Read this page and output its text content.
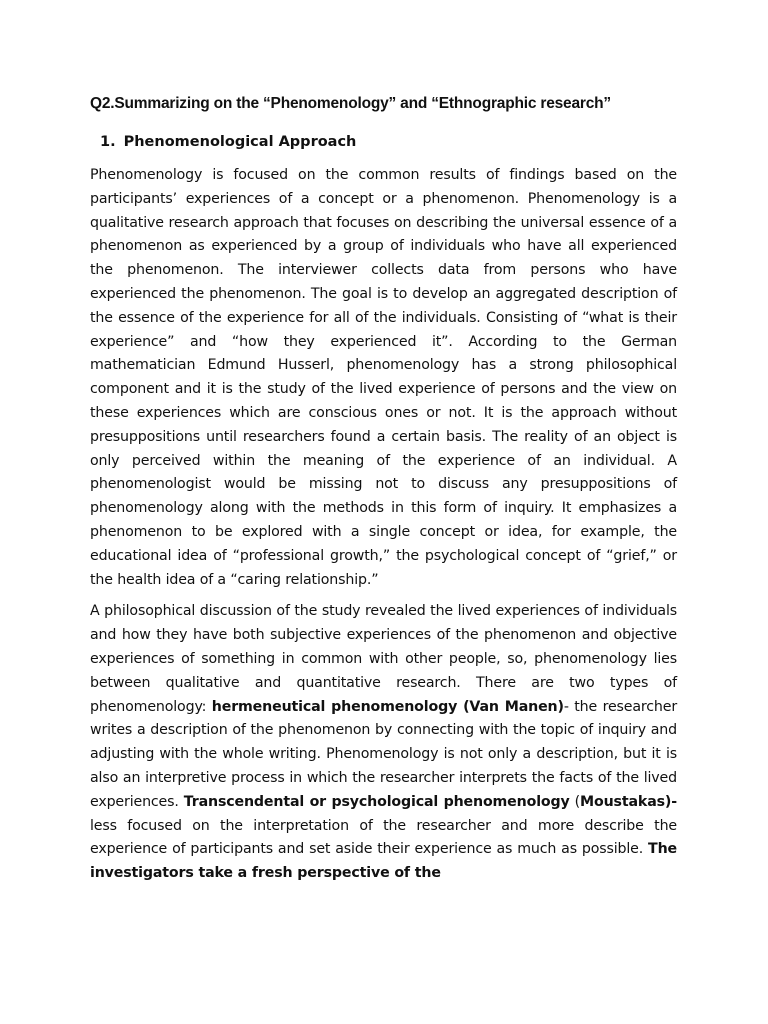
Q2.Summarizing on the “Phenomenology” and “Ethnographic research”
1. Phenomenological Approach

Phenomenology is focused on the common results of findings based on the participants’ experiences of a concept or a phenomenon. Phenomenology is a qualitative research approach that focuses on describing the universal essence of a phenomenon as experienced by a group of individuals who have all experienced the phenomenon. The interviewer collects data from persons who have experienced the phenomenon. The goal is to develop an aggregated description of the essence of the experience for all of the individuals. Consisting of “what is their experience” and “how they experienced it”. According to the German mathematician Edmund Husserl, phenomenology has a strong philosophical component and it is the study of the lived experience of persons and the view on these experiences which are conscious ones or not. It is the approach without presuppositions until researchers found a certain basis. The reality of an object is only perceived within the meaning of the experience of an individual. A phenomenologist would be missing not to discuss any presuppositions of phenomenology along with the methods in this form of inquiry. It emphasizes a phenomenon to be explored with a single concept or idea, for example, the educational idea of “professional growth,” the psychological concept of “grief,” or the health idea of a “caring relationship.”

A philosophical discussion of the study revealed the lived experiences of individuals and how they have both subjective experiences of the phenomenon and objective experiences of something in common with other people, so, phenomenology lies between qualitative and quantitative research. There are two types of phenomenology: hermeneutical phenomenology (Van Manen)- the researcher writes a description of the phenomenon by connecting with the topic of inquiry and adjusting with the whole writing. Phenomenology is not only a description, but it is also an interpretive process in which the researcher interprets the facts of the lived experiences. Transcendental or psychological phenomenology (Moustakas)- less focused on the interpretation of the researcher and more describe the experience of participants and set aside their experience as much as possible. The investigators take a fresh perspective of the
